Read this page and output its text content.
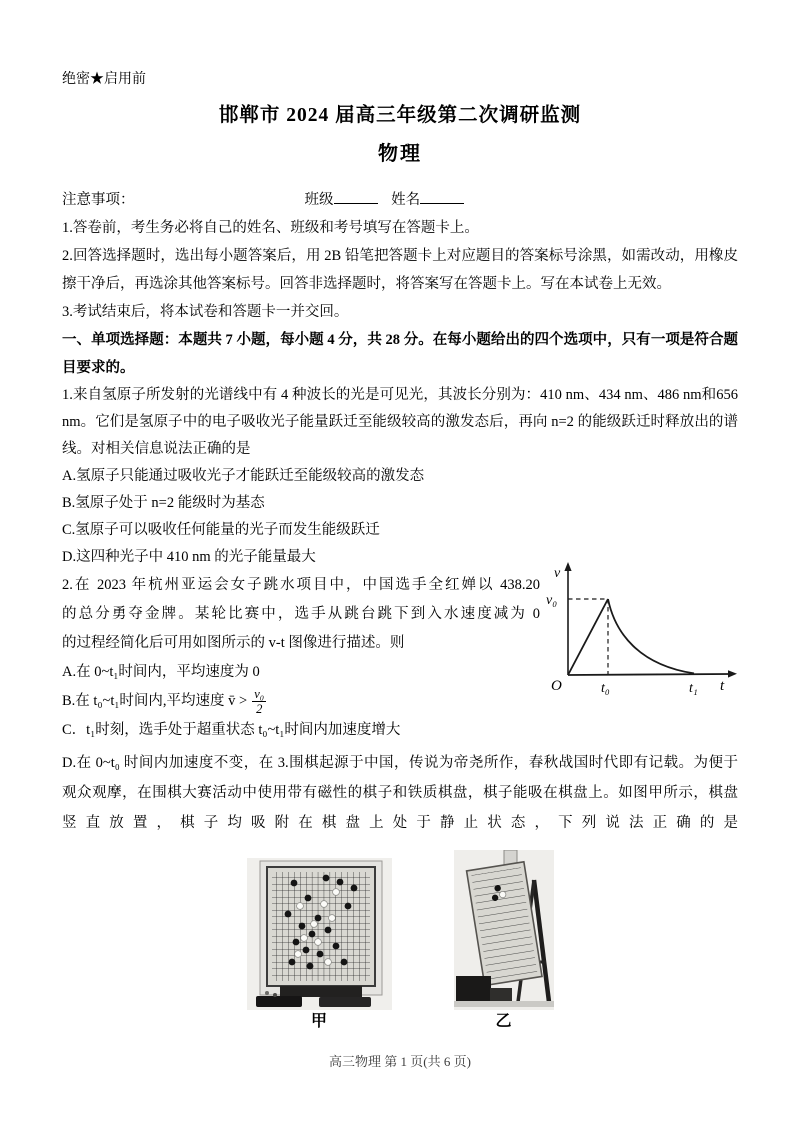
绝密★启用前
邯郸市 2024 届高三年级第二次调研监测
物理
注意事项：	班级	姓名

1.答卷前，考生务必将自己的姓名、班级和考号填写在答题卡上。

2.回答选择题时，选出每小题答案后，用 2B 铅笔把答题卡上对应题目的答案标号涂黑，如需改动，用橡皮擦干净后，再选涂其他答案标号。回答非选择题时，将答案写在答题卡上。写在本试卷上无效。

3.考试结束后，将本试卷和答题卡一并交回。

一、单项选择题：本题共 7 小题，每小题 4 分，共 28 分。在每小题给出的四个选项中，只有一项是符合题目要求的。

1.来自氢原子所发射的光谱线中有 4 种波长的光是可见光，其波长分别为：410 nm、434 nm、486 nm和656 nm。它们是氢原子中的电子吸收光子能量跃迁至能级较高的激发态后，再向 n=2 的能级跃迁时释放出的谱线。对相关信息说法正确的是

A.氢原子只能通过吸收光子才能跃迁至能级较高的激发态

B.氢原子处于 n=2 能级时为基态

C.氢原子可以吸收任何能量的光子而发生能级跃迁

D.这四种光子中 410 nm 的光子能量最大

2.在 2023 年杭州亚运会女子跳水项目中，中国选手全红婵以 438.20

的总分勇夺金牌。某轮比赛中，选手从跳台跳下到入水速度减为 0

的过程经简化后可用如图所示的 v-t 图像进行描述。则

A.在 0~t₁时间内，平均速度为 0

B.在 t₀~t₁时间内,平均速度 v̄ > $\frac{\text{v₀}}{2}$

v
v₀
O	t₀	t₁ t

C．t₁时刻，选手处于超重状态 t₀~t₁时间内加速度增大

D.在 0~t₀ 时间内加速度不变，在 3.围棋起源于中国，传说为帝尧所作，春秋战国时代即有记载。为便于

观众观摩，在围棋大赛活动中使用带有磁性的棋子和铁质棋盘，棋子能吸在棋盘上。如图甲所示，棋盘

竖直放置，棋子均吸附在棋盘上处于静止状态，下列说法正确的是

甲	乙
高三物理 第 1 页(共 6 页)
